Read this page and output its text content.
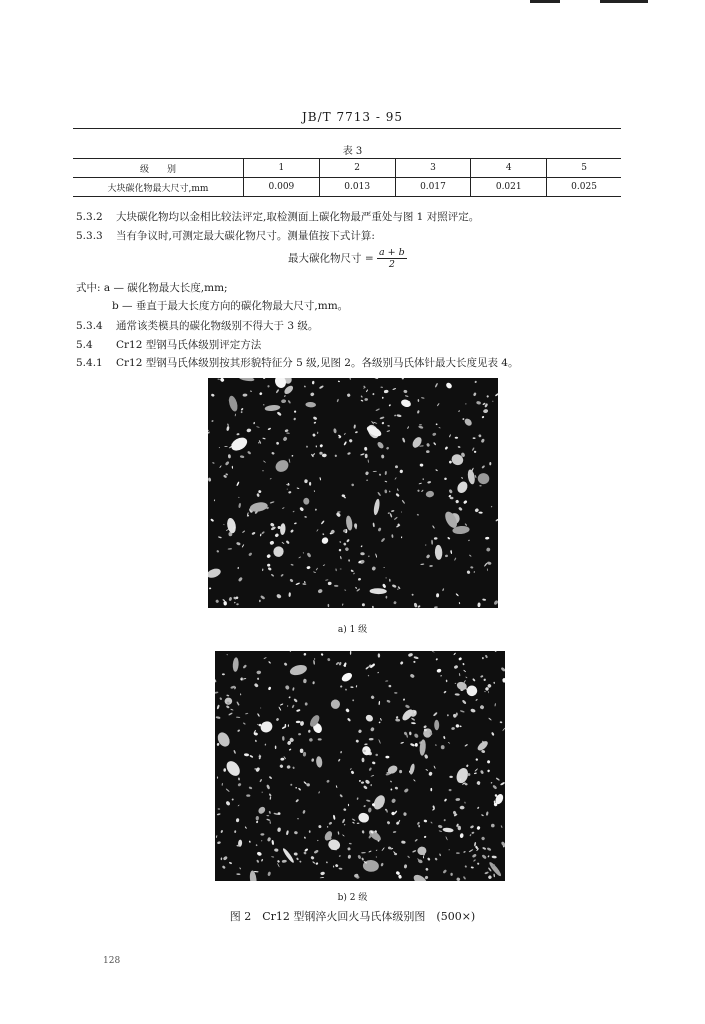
JB/T 7713 - 95
表 3
级　　别	1	2	3	4	5
大块碳化物最大尺寸,mm	0.009	0.013	0.017	0.021	0.025
5.3.2 大块碳化物均以金相比较法评定,取检测面上碳化物最严重处与图 1 对照评定。
5.3.3 当有争议时,可测定最大碳化物尺寸。测量值按下式计算:
最大碳化物尺寸 = $\frac{a + b}{2}$
式中: a — 碳化物最大长度,mm;
b — 垂直于最大长度方向的碳化物最大尺寸,mm。
5.3.4 通常该类模具的碳化物级别不得大于 3 级。
5.4 Cr12 型钢马氏体级别评定方法
5.4.1 Cr12 型钢马氏体级别按其形貌特征分 5 级,见图 2。各级别马氏体针最大长度见表 4。
a) 1 级
b) 2 级
图 2　Cr12 型钢淬火回火马氏体级别图　(500×)
128
